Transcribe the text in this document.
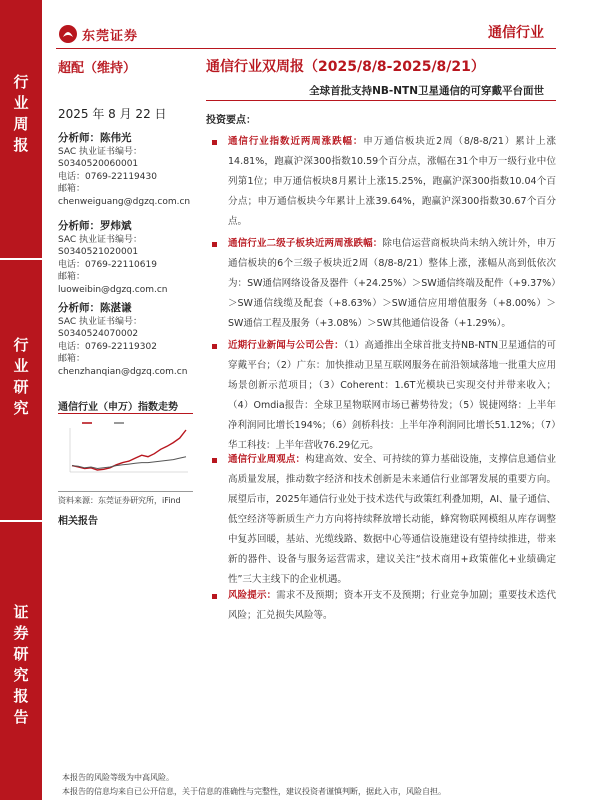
行
业
周
报
行
业
研
究
证
券
研
究
报
告
东莞证券	通信行业
超配（维持）	通信行业双周报（2025/8/8-2025/8/21）
全球首批支持NB-NTN卫星通信的可穿戴平台面世
2025 年 8 月 22 日
分析师：陈伟光
SAC 执业证书编号：
S0340520060001
电话：0769-22119430
邮箱：
chenweiguang@dgzq.com.cn
分析师：罗炜斌
SAC 执业证书编号：
S0340521020001
电话：0769-22110619
邮箱：
luoweibin@dgzq.com.cn
分析师：陈湛谦
SAC 执业证书编号：
S0340524070002
电话：0769-22119302
邮箱：
chenzhanqian@dgzq.com.cn
通信行业（申万）指数走势
资料来源：东莞证券研究所，iFind
相关报告
投资要点：
通信行业指数近两周涨跌幅：申万通信板块近2周（8/8-8/21）累计上涨14.81%，跑赢沪深300指数10.59个百分点，涨幅在31个申万一级行业中位列第1位；申万通信板块8月累计上涨15.25%，跑赢沪深300指数10.04个百分点；申万通信板块今年累计上涨39.64%，跑赢沪深300指数30.67个百分点。
通信行业二级子板块近两周涨跌幅：除电信运营商板块尚未纳入统计外，申万通信板块的6个三级子板块近2周（8/8-8/21）整体上涨，涨幅从高到低依次为：SW通信网络设备及器件（+24.25%）＞SW通信终端及配件（+9.37%）＞SW通信线缆及配套（+8.63%）＞SW通信应用增值服务（+8.00%）＞SW通信工程及服务（+3.08%）＞SW其他通信设备（+1.29%）。
近期行业新闻与公司公告：（1）高通推出全球首批支持NB-NTN卫星通信的可穿戴平台；（2）广东：加快推动卫星互联网服务在前沿领域落地一批重大应用场景创新示范项目；（3）Coherent：1.6T光模块已实现交付并带来收入；（4）Omdia报告：全球卫星物联网市场已蓄势待发；（5）锐捷网络：上半年净利润同比增长194%；（6）剑桥科技：上半年净利润同比增长51.12%；（7）华工科技：上半年营收76.29亿元。
通信行业周观点：构建高效、安全、可持续的算力基础设施，支撑信息通信业高质量发展，推动数字经济和技术创新是未来通信行业部署发展的重要方向。展望后市，2025年通信行业处于技术迭代与政策红利叠加期，AI、量子通信、低空经济等新质生产力方向将持续释放增长动能，蜂窝物联网模组从库存调整中复苏回暖，基站、光缆线路、数据中心等通信设施建设有望持续推进，带来新的器件、设备与服务运营需求，建议关注“技术商用+政策催化+业绩确定性”三大主线下的企业机遇。
风险提示：需求不及预期；资本开支不及预期；行业竞争加剧；重要技术迭代风险；汇兑损失风险等。
本报告的风险等级为中高风险。
本报告的信息均来自已公开信息，关于信息的准确性与完整性，建议投资者谨慎判断，据此入市，风险自担。
